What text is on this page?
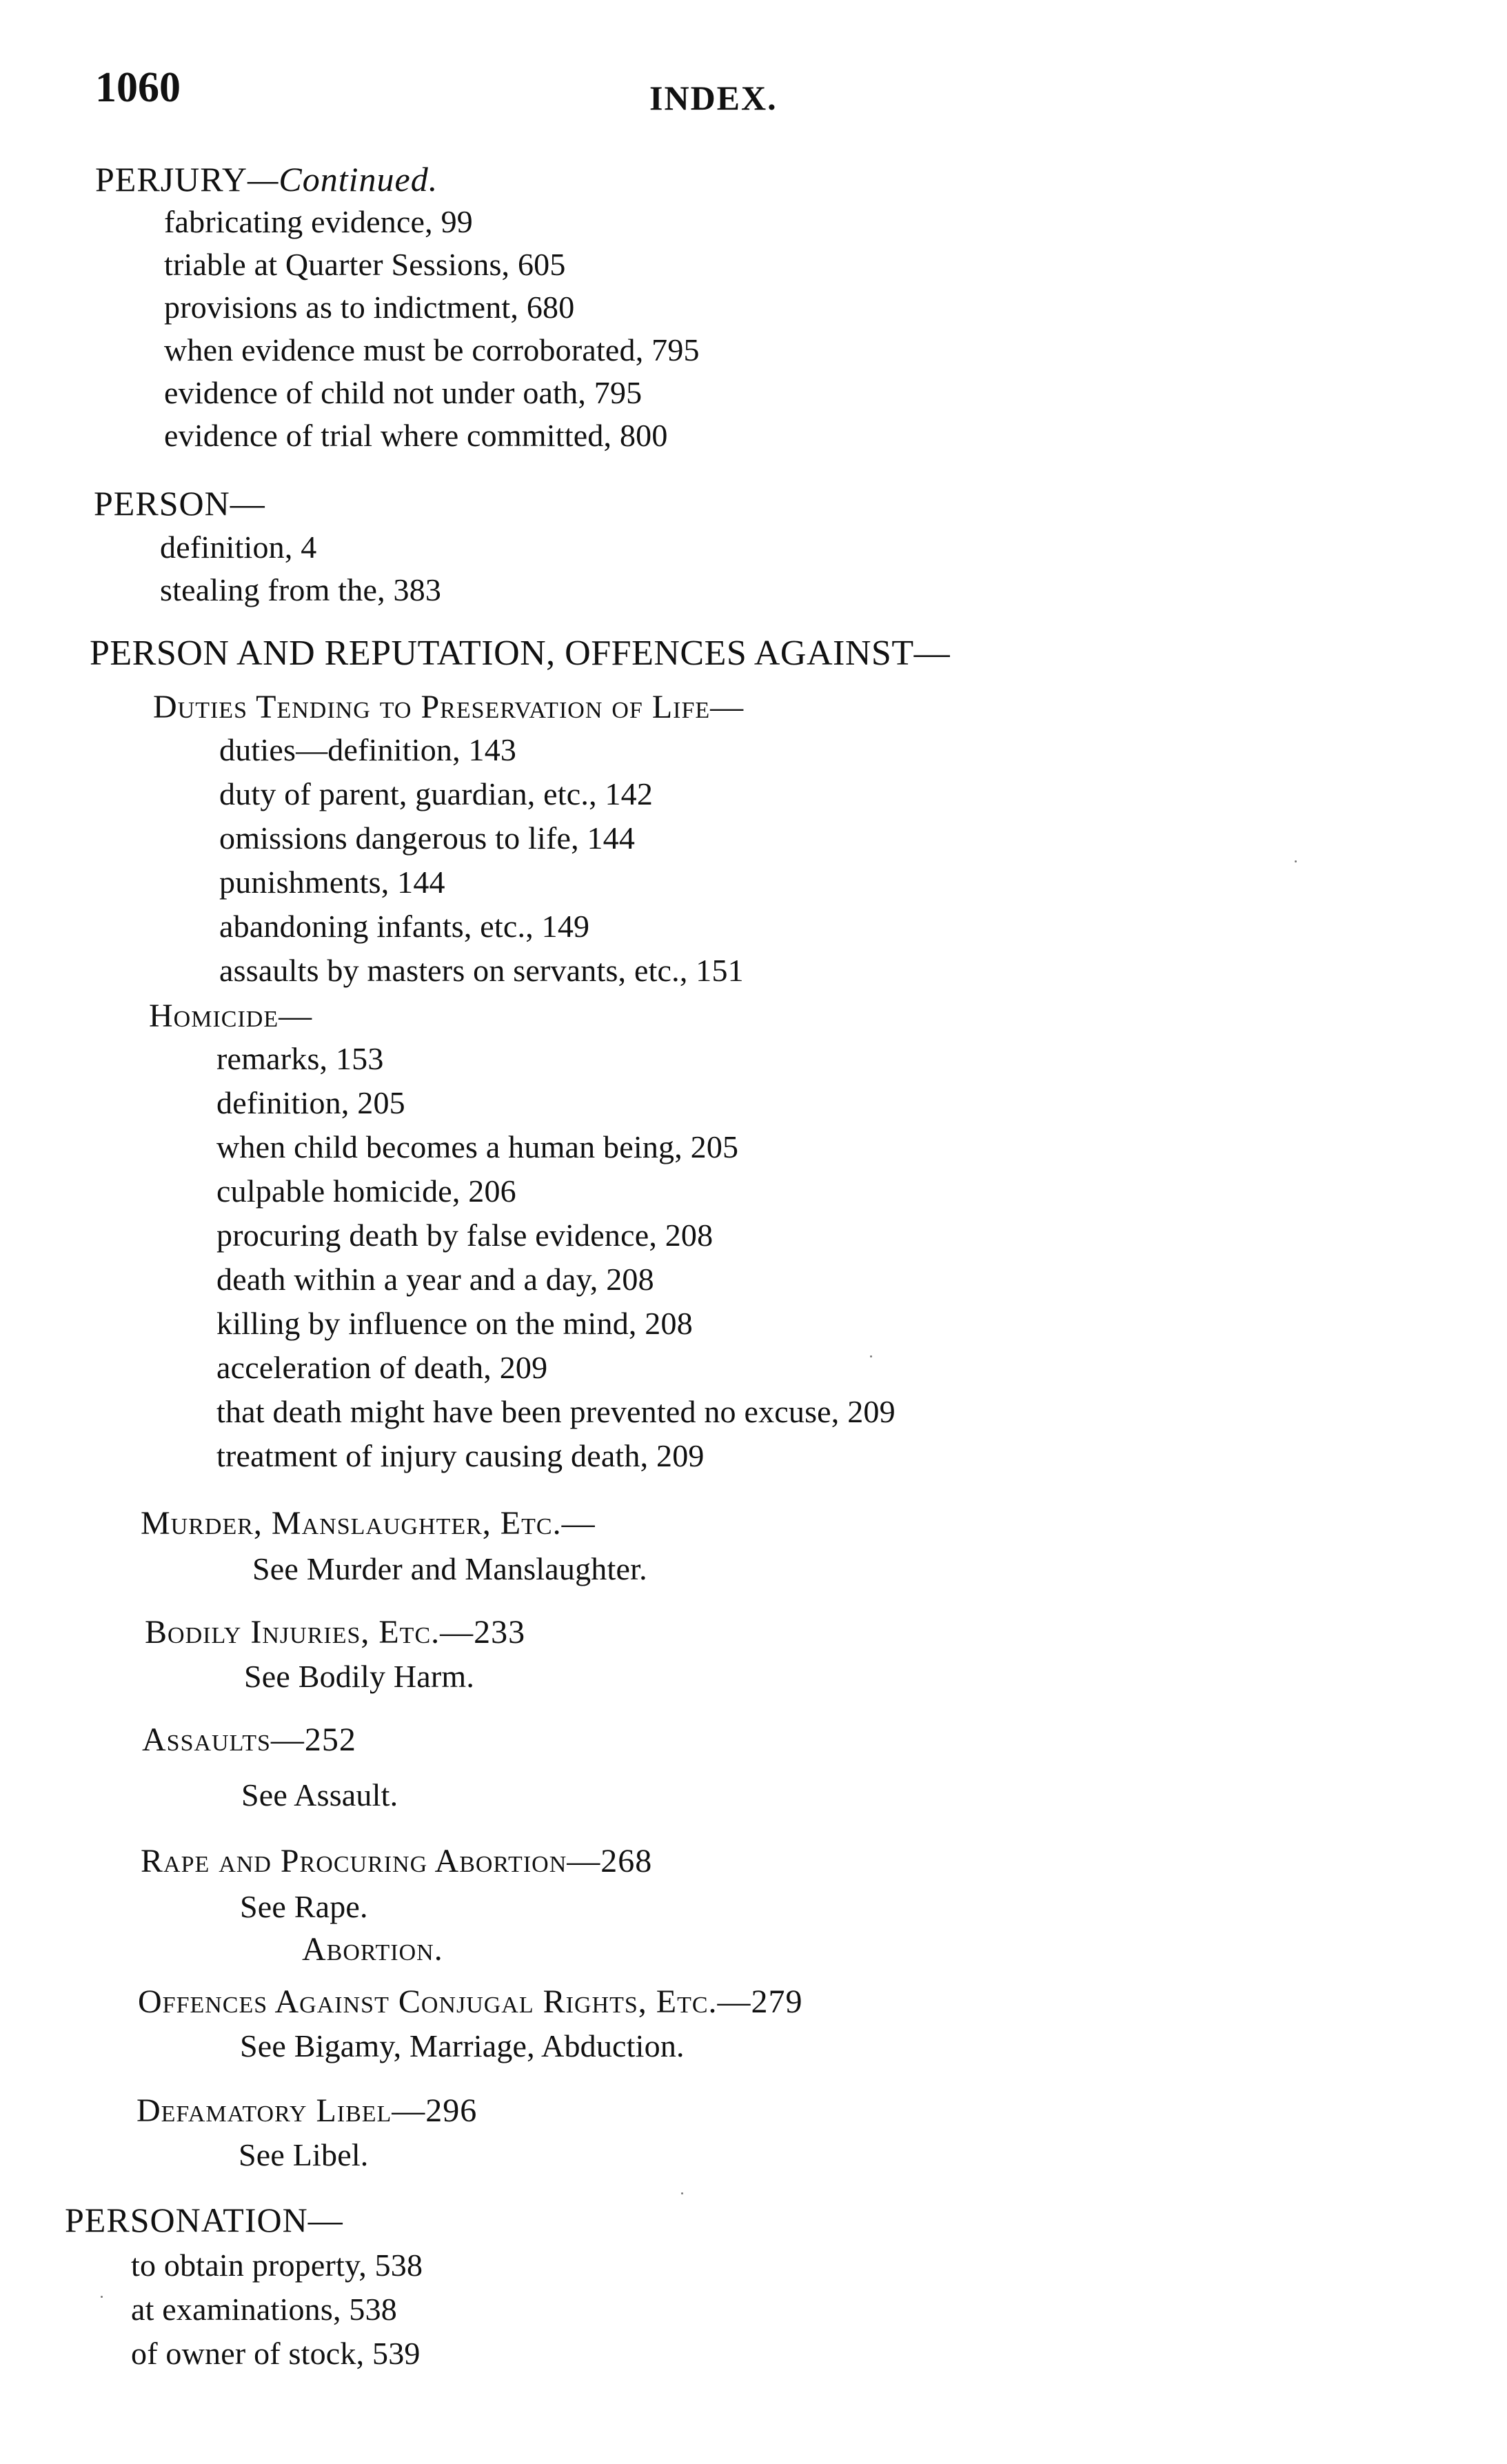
1060	INDEX.
PERJURY—Continued.
fabricating evidence, 99
triable at Quarter Sessions, 605
provisions as to indictment, 680
when evidence must be corroborated, 795
evidence of child not under oath, 795
evidence of trial where committed, 800
PERSON—
definition, 4
stealing from the, 383
PERSON AND REPUTATION, OFFENCES AGAINST—
Duties Tending to Preservation of Life—
duties—definition, 143
duty of parent, guardian, etc., 142
omissions dangerous to life, 144
punishments, 144
abandoning infants, etc., 149
assaults by masters on servants, etc., 151
Homicide—
remarks, 153
definition, 205
when child becomes a human being, 205
culpable homicide, 206
procuring death by false evidence, 208
death within a year and a day, 208
killing by influence on the mind, 208
acceleration of death, 209
that death might have been prevented no excuse, 209
treatment of injury causing death, 209
Murder, Manslaughter, Etc.—
See Murder and Manslaughter.
Bodily Injuries, Etc.—233
See Bodily Harm.
Assaults—252
See Assault.
Rape and Procuring Abortion—268
See Rape.
Abortion.
Offences Against Conjugal Rights, Etc.—279
See Bigamy, Marriage, Abduction.
Defamatory Libel—296
See Libel.
PERSONATION—
to obtain property, 538
at examinations, 538
of owner of stock, 539
